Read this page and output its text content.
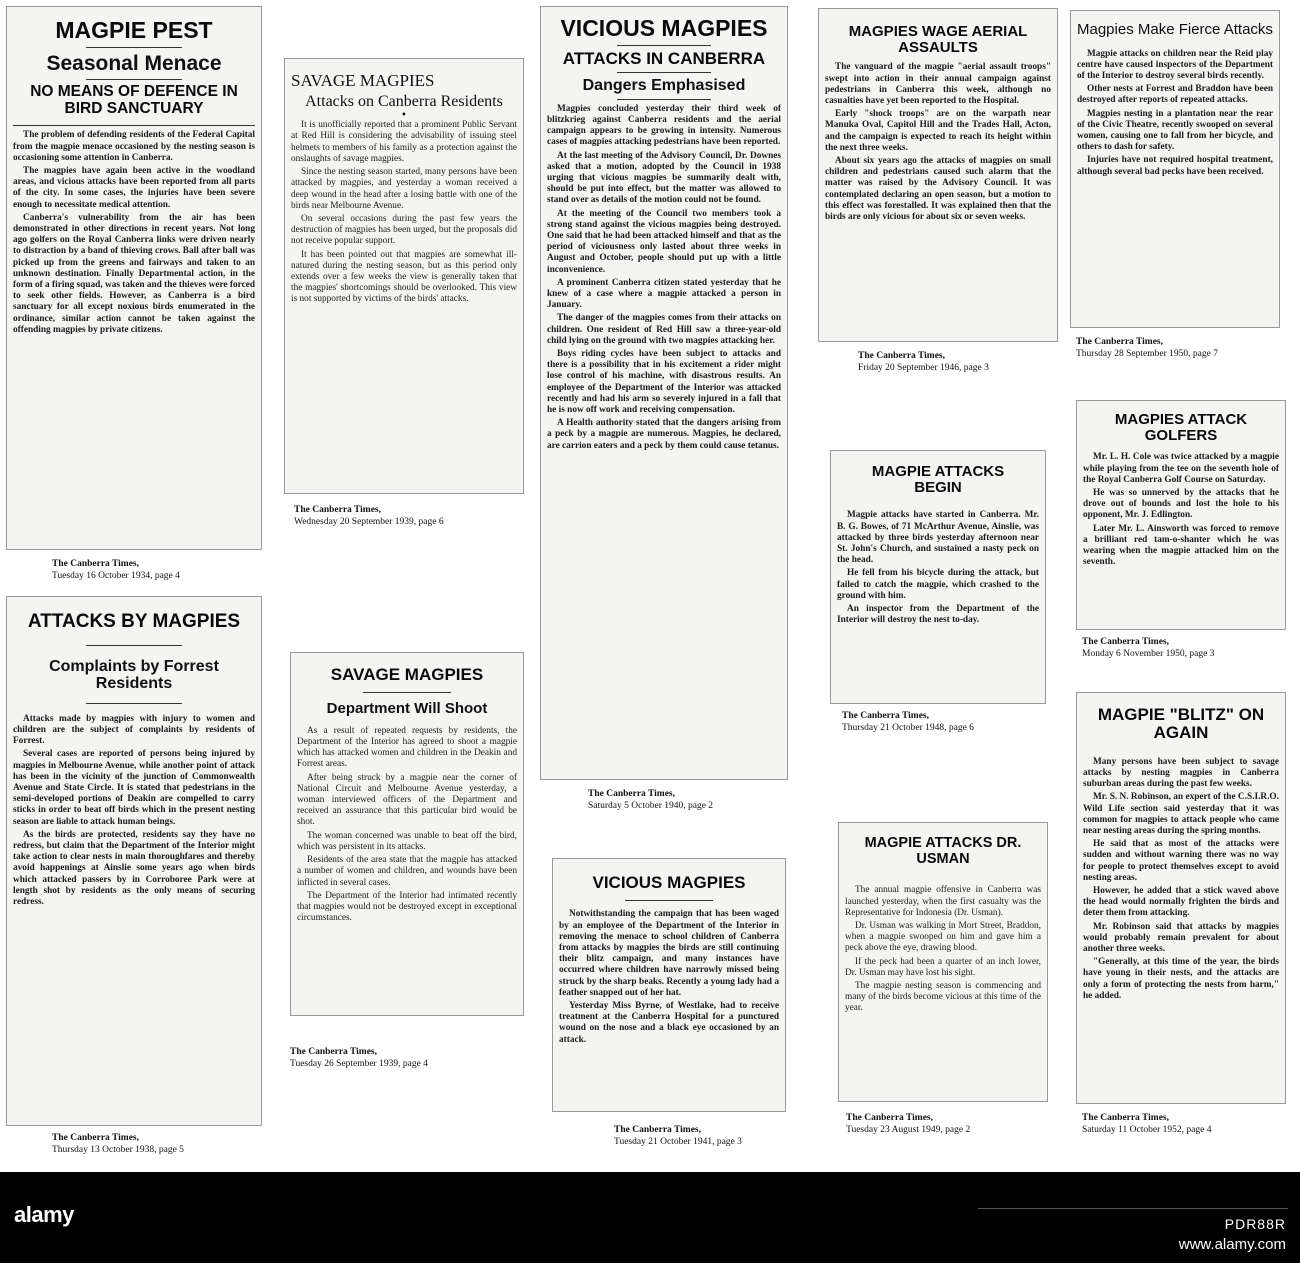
MAGPIE PEST

Seasonal Menace

NO MEANS OF DEFENCE IN BIRD SANCTUARY

The problem of defending residents of the Federal Capital from the magpie menace occasioned by the nesting season is occasioning some attention in Canberra.

The magpies have again been active in the woodland areas, and vicious attacks have been reported from all parts of the city. In some cases, the injuries have been severe enough to necessitate medical attention.

Canberra's vulnerability from the air has been demonstrated in other directions in recent years. Not long ago golfers on the Royal Canberra links were driven nearly to distraction by a band of thieving crows. Ball after ball was picked up from the greens and fairways and taken to an unknown destination. Finally Departmental action, in the form of a firing squad, was taken and the thieves were forced to seek other fields. However, as Canberra is a bird sanctuary for all except noxious birds enumerated in the ordinance, similar action cannot be taken against the offending magpies by private citizens.

The Canberra Times,
Tuesday 16 October 1934, page 4

SAVAGE MAGPIES

Attacks on Canberra Residents

•

It is unofficially reported that a prominent Public Servant at Red Hill is considering the advisability of issuing steel helmets to members of his family as a protection against the onslaughts of savage magpies.

Since the nesting season started, many persons have been attacked by magpies, and yesterday a woman received a deep wound in the head after a losing battle with one of the birds near Melbourne Avenue.

On several occasions during the past few years the destruction of magpies has been urged, but the proposals did not receive popular support.

It has been pointed out that magpies are somewhat ill-natured during the nesting season, but as this period only extends over a few weeks the view is generally taken that the magpies' shortcomings should be overlooked. This view is not supported by victims of the birds' attacks.

The Canberra Times,
Wednesday 20 September 1939, page 6

VICIOUS MAGPIES

ATTACKS IN CANBERRA

Dangers Emphasised

Magpies concluded yesterday their third week of blitzkrieg against Canberra residents and the aerial campaign appears to be growing in intensity. Numerous cases of magpies attacking pedestrians have been reported.

At the last meeting of the Advisory Council, Dr. Downes asked that a motion, adopted by the Council in 1938 urging that vicious magpies be summarily dealt with, should be put into effect, but the matter was allowed to stand over as details of the motion could not be found.

At the meeting of the Council two members took a strong stand against the vicious magpies being destroyed. One said that he had been attacked himself and that as the period of viciousness only lasted about three weeks in August and October, people should put up with a little inconvenience.

A prominent Canberra citizen stated yesterday that he knew of a case where a magpie attacked a person in January.

The danger of the magpies comes from their attacks on children. One resident of Red Hill saw a three-year-old child lying on the ground with two magpies attacking her.

Boys riding cycles have been subject to attacks and there is a possibility that in his excitement a rider might lose control of his machine, with disastrous results. An employee of the Department of the Interior was attacked recently and had his arm so severely injured in a fall that he is now off work and receiving compensation.

A Health authority stated that the dangers arising from a peck by a magpie are numerous. Magpies, he declared, are carrion eaters and a peck by them could cause tetanus.

The Canberra Times,
Saturday 5 October 1940, page 2

MAGPIES WAGE AERIAL ASSAULTS

The vanguard of the magpie "aerial assault troops" swept into action in their annual campaign against pedestrians in Canberra this week, although no casualties have yet been reported to the Hospital.

Early "shock troops" are on the warpath near Manuka Oval, Capitol Hill and the Trades Hall, Acton, and the campaign is expected to reach its height within the next three weeks.

About six years ago the attacks of magpies on small children and pedestrians caused such alarm that the matter was raised by the Advisory Council. It was contemplated declaring an open season, but a motion to this effect was forestalled. It was explained then that the birds are only vicious for about six or seven weeks.

The Canberra Times,
Friday 20 September 1946, page 3

Magpies Make Fierce Attacks

Magpie attacks on children near the Reid play centre have caused inspectors of the Department of the Interior to destroy several birds recently.

Other nests at Forrest and Braddon have been destroyed after reports of repeated attacks.

Magpies nesting in a plantation near the rear of the Civic Theatre, recently swooped on several women, causing one to fall from her bicycle, and others to dash for safety.

Injuries have not required hospital treatment, although several bad pecks have been received.

The Canberra Times,
Thursday 28 September 1950, page 7

MAGPIES ATTACK GOLFERS

Mr. L. H. Cole was twice attacked by a magpie while playing from the tee on the seventh hole of the Royal Canberra Golf Course on Saturday.

He was so unnerved by the attacks that he drove out of bounds and lost the hole to his opponent, Mr. J. Edlington.

Later Mr. L. Ainsworth was forced to remove a brilliant red tam-o-shanter which he was wearing when the magpie attacked him on the seventh.

The Canberra Times,
Monday 6 November 1950, page 3

MAGPIE ATTACKS BEGIN

Magpie attacks have started in Canberra. Mr. B. G. Bowes, of 71 McArthur Avenue, Ainslie, was attacked by three birds yesterday afternoon near St. John's Church, and sustained a nasty peck on the head.

He fell from his bicycle during the attack, but failed to catch the magpie, which crashed to the ground with him.

An inspector from the Department of the Interior will destroy the nest to-day.

The Canberra Times,
Thursday 21 October 1948, page 6

ATTACKS BY MAGPIES

Complaints by Forrest Residents

Attacks made by magpies with injury to women and children are the subject of complaints by residents of Forrest.

Several cases are reported of persons being injured by magpies in Melbourne Avenue, while another point of attack has been in the vicinity of the junction of Commonwealth Avenue and State Circle. It is stated that pedestrians in the semi-developed portions of Deakin are compelled to carry sticks in order to beat off birds which in the present nesting season are liable to attack human beings.

As the birds are protected, residents say they have no redress, but claim that the Department of the Interior might take action to clear nests in main thoroughfares and thereby avoid happenings at Ainslie some years ago when birds which attacked passers by in Corroboree Park were at length shot by residents as the only means of securing redress.

The Canberra Times,
Thursday 13 October 1938, page 5

SAVAGE MAGPIES

Department Will Shoot

As a result of repeated requests by residents, the Department of the Interior has agreed to shoot a magpie which has attacked women and children in the Deakin and Forrest areas.

After being struck by a magpie near the corner of National Circuit and Melbourne Avenue yesterday, a woman interviewed officers of the Department and received an assurance that this particular bird would be shot.

The woman concerned was unable to beat off the bird, which was persistent in its attacks.

Residents of the area state that the magpie has attacked a number of women and children, and wounds have been inflicted in several cases.

The Department of the Interior had intimated recently that magpies would not be destroyed except in exceptional circumstances.

The Canberra Times,
Tuesday 26 September 1939, page 4

VICIOUS MAGPIES

Notwithstanding the campaign that has been waged by an employee of the Department of the Interior in removing the menace to school children of Canberra from attacks by magpies the birds are still continuing their blitz campaign, and many instances have occurred where children have narrowly missed being struck by the sharp beaks. Recently a young lady had a feather snapped out of her hat.

Yesterday Miss Byrne, of Westlake, had to receive treatment at the Canberra Hospital for a punctured wound on the nose and a black eye occasioned by an attack.

The Canberra Times,
Tuesday 21 October 1941, page 3

MAGPIE ATTACKS DR. USMAN

The annual magpie offensive in Canberra was launched yesterday, when the first casualty was the Representative for Indonesia (Dr. Usman).

Dr. Usman was walking in Mort Street, Braddon, when a magpie swooped on him and gave him a peck above the eye, drawing blood.

If the peck had been a quarter of an inch lower, Dr. Usman may have lost his sight.

The magpie nesting season is commencing and many of the birds become vicious at this time of the year.

The Canberra Times,
Tuesday 23 August 1949, page 2

MAGPIE "BLITZ" ON AGAIN

Many persons have been subject to savage attacks by nesting magpies in Canberra suburban areas during the past few weeks.

Mr. S. N. Robinson, an expert of the C.S.I.R.O. Wild Life section said yesterday that it was common for magpies to attack people who came near nesting areas during the spring months.

He said that as most of the attacks were sudden and without warning there was no way for people to protect themselves except to avoid nesting areas.

However, he added that a stick waved above the head would normally frighten the birds and deter them from attacking.

Mr. Robinson said that attacks by magpies would probably remain prevalent for about another three weeks.

"Generally, at this time of the year, the birds have young in their nests, and the attacks are only a form of protecting the nests from harm," he added.

The Canberra Times,
Saturday 11 October 1952, page 4
alamy	PDR88R
www.alamy.com
